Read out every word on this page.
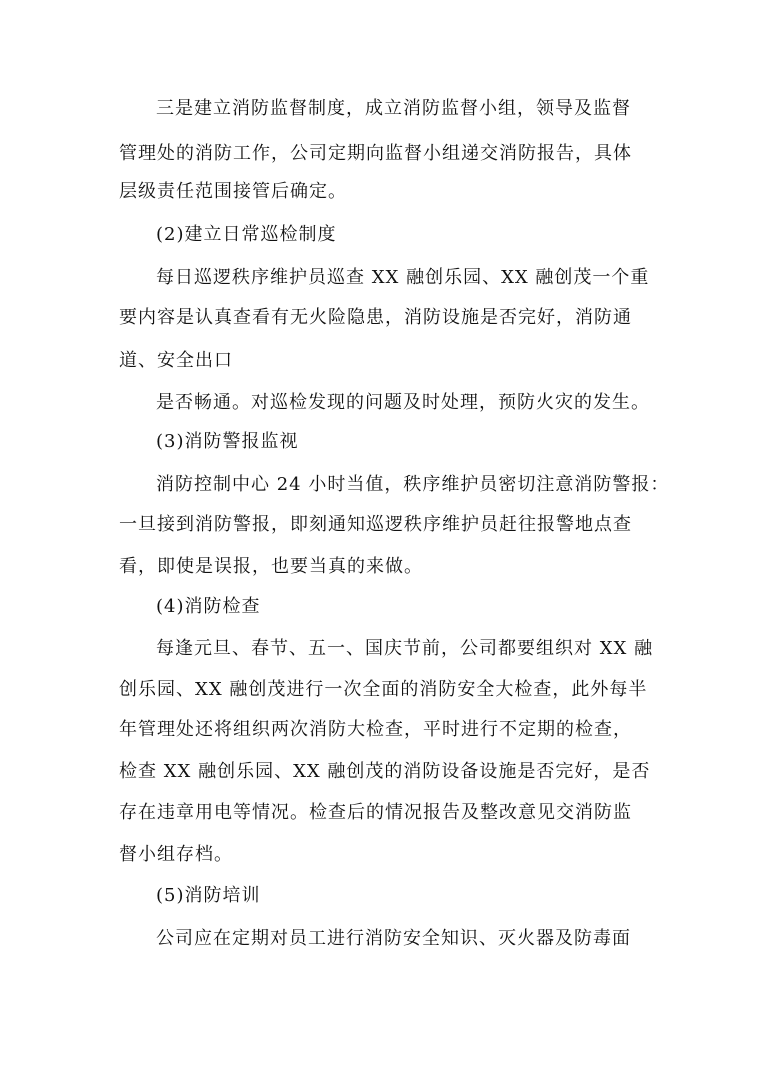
三是建立消防监督制度，成立消防监督小组，领导及监督
管理处的消防工作，公司定期向监督小组递交消防报告，具体
层级责任范围接管后确定。
(2)建立日常巡检制度
每日巡逻秩序维护员巡查 XX 融创乐园、XX 融创茂一个重
要内容是认真查看有无火险隐患，消防设施是否完好，消防通
道、安全出口
是否畅通。对巡检发现的问题及时处理，预防火灾的发生。
(3)消防警报监视
消防控制中心 24 小时当值，秩序维护员密切注意消防警报：
一旦接到消防警报，即刻通知巡逻秩序维护员赶往报警地点查
看，即使是误报，也要当真的来做。
(4)消防检查
每逢元旦、春节、五一、国庆节前，公司都要组织对 XX 融
创乐园、XX 融创茂进行一次全面的消防安全大检查，此外每半
年管理处还将组织两次消防大检查，平时进行不定期的检查，
检查 XX 融创乐园、XX 融创茂的消防设备设施是否完好，是否
存在违章用电等情况。检查后的情况报告及整改意见交消防监
督小组存档。
(5)消防培训
公司应在定期对员工进行消防安全知识、灭火器及防毒面
